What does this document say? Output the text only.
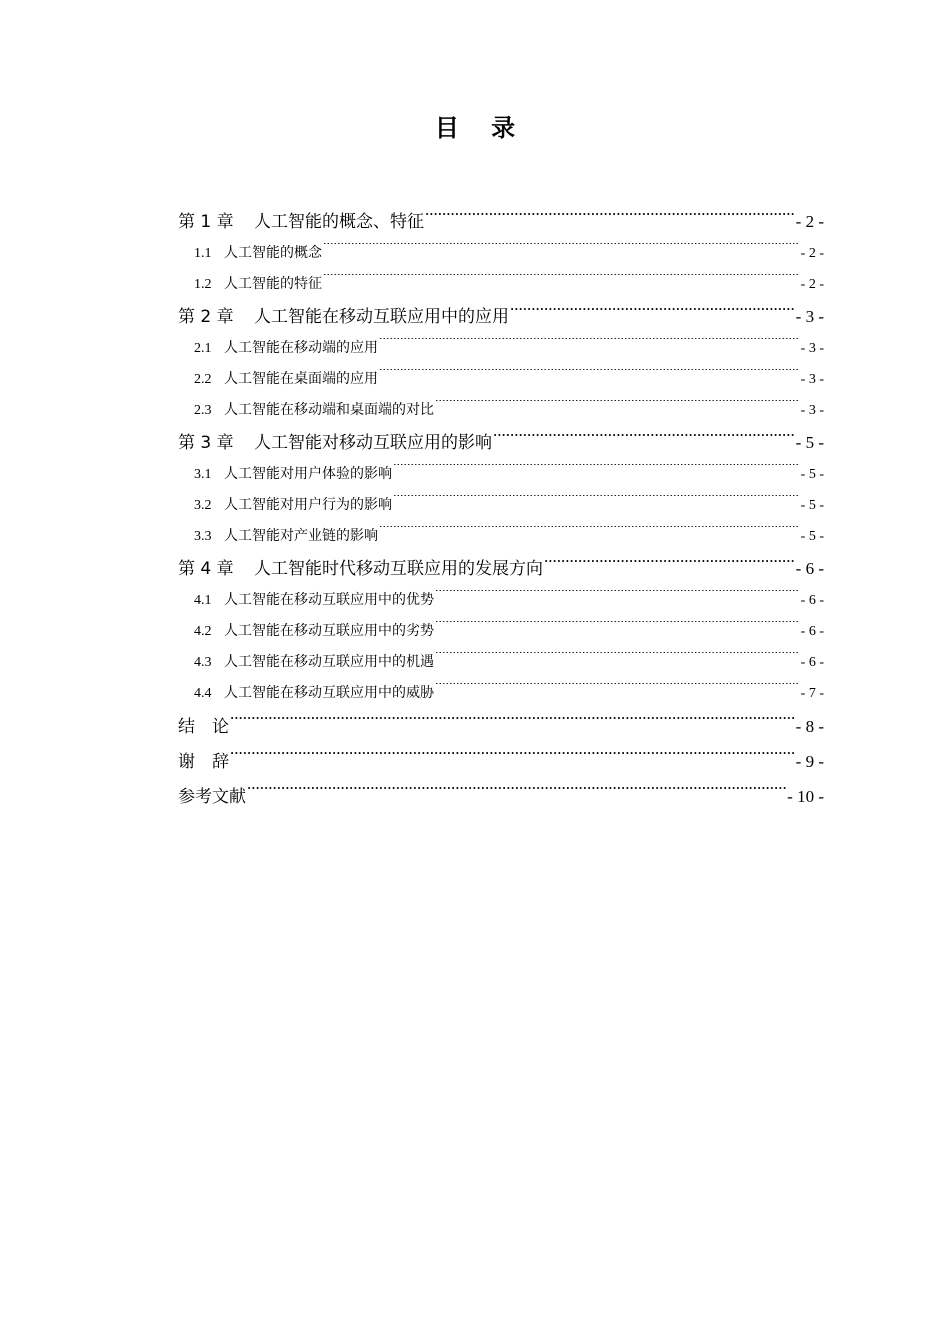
目 录
第 1 章	人工智能的概念、特征 .....	- 2 -
1.1 人工智能的概念 .....	- 2 -
1.2 人工智能的特征 .....	- 2 -
第 2 章	人工智能在移动互联应用中的应用 .....	- 3 -
2.1 人工智能在移动端的应用 .....	- 3 -
2.2 人工智能在桌面端的应用 .....	- 3 -
2.3 人工智能在移动端和桌面端的对比 .....	- 3 -
第 3 章	人工智能对移动互联应用的影响 .....	- 5 -
3.1 人工智能对用户体验的影响 .....	- 5 -
3.2 人工智能对用户行为的影响 .....	- 5 -
3.3 人工智能对产业链的影响 .....	- 5 -
第 4 章	人工智能时代移动互联应用的发展方向 .....	- 6 -
4.1 人工智能在移动互联应用中的优势 .....	- 6 -
4.2 人工智能在移动互联应用中的劣势 .....	- 6 -
4.3 人工智能在移动互联应用中的机遇 .....	- 6 -
4.4 人工智能在移动互联应用中的威胁 .....	- 7 -
结　论 .....	- 8 -
谢　辞 .....	- 9 -
参考文献 .....	- 10 -
